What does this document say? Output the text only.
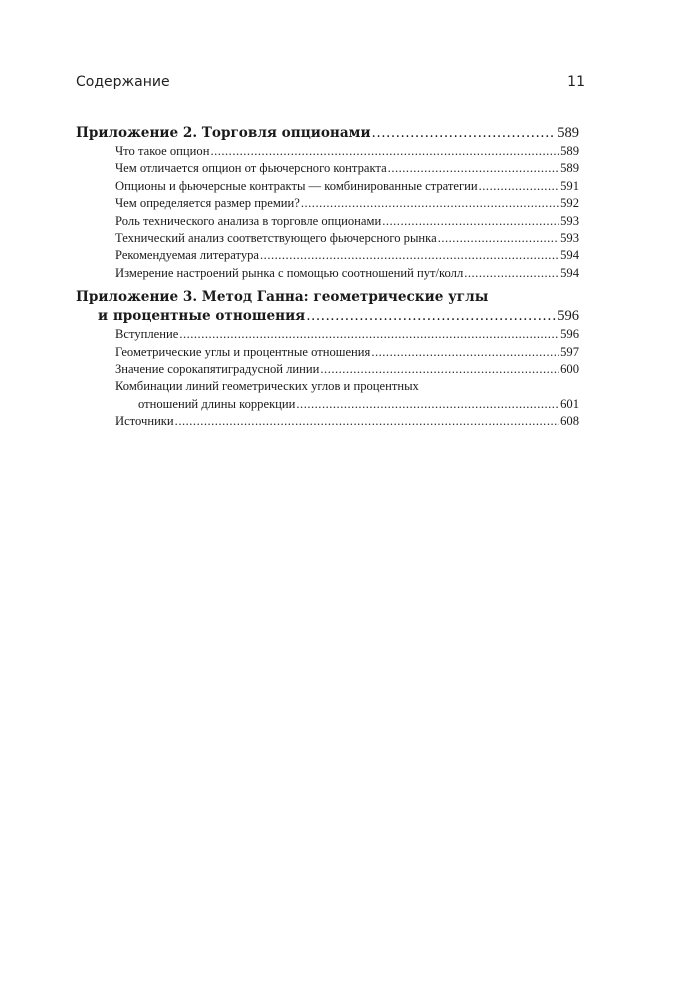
Содержание	11
Приложение 2. Торговля опционами .....	589
Что такое опцион .....	589
Чем отличается опцион от фьючерсного контракта .....	589
Опционы и фьючерсные контракты — комбинированные стратегии .....	591
Чем определяется размер премии? .....	592
Роль технического анализа в торговле опционами .....	593
Технический анализ соответствующего фьючерсного рынка .....	593
Рекомендуемая литература .....	594
Измерение настроений рынка с помощью соотношений пут/колл .....	594
Приложение 3. Метод Ганна: геометрические углы
и процентные отношения .....	596
Вступление .....	596
Геометрические углы и процентные отношения .....	597
Значение сорокапятиградусной линии .....	600
Комбинации линий геометрических углов и процентных
отношений длины коррекции .....	601
Источники .....	608
